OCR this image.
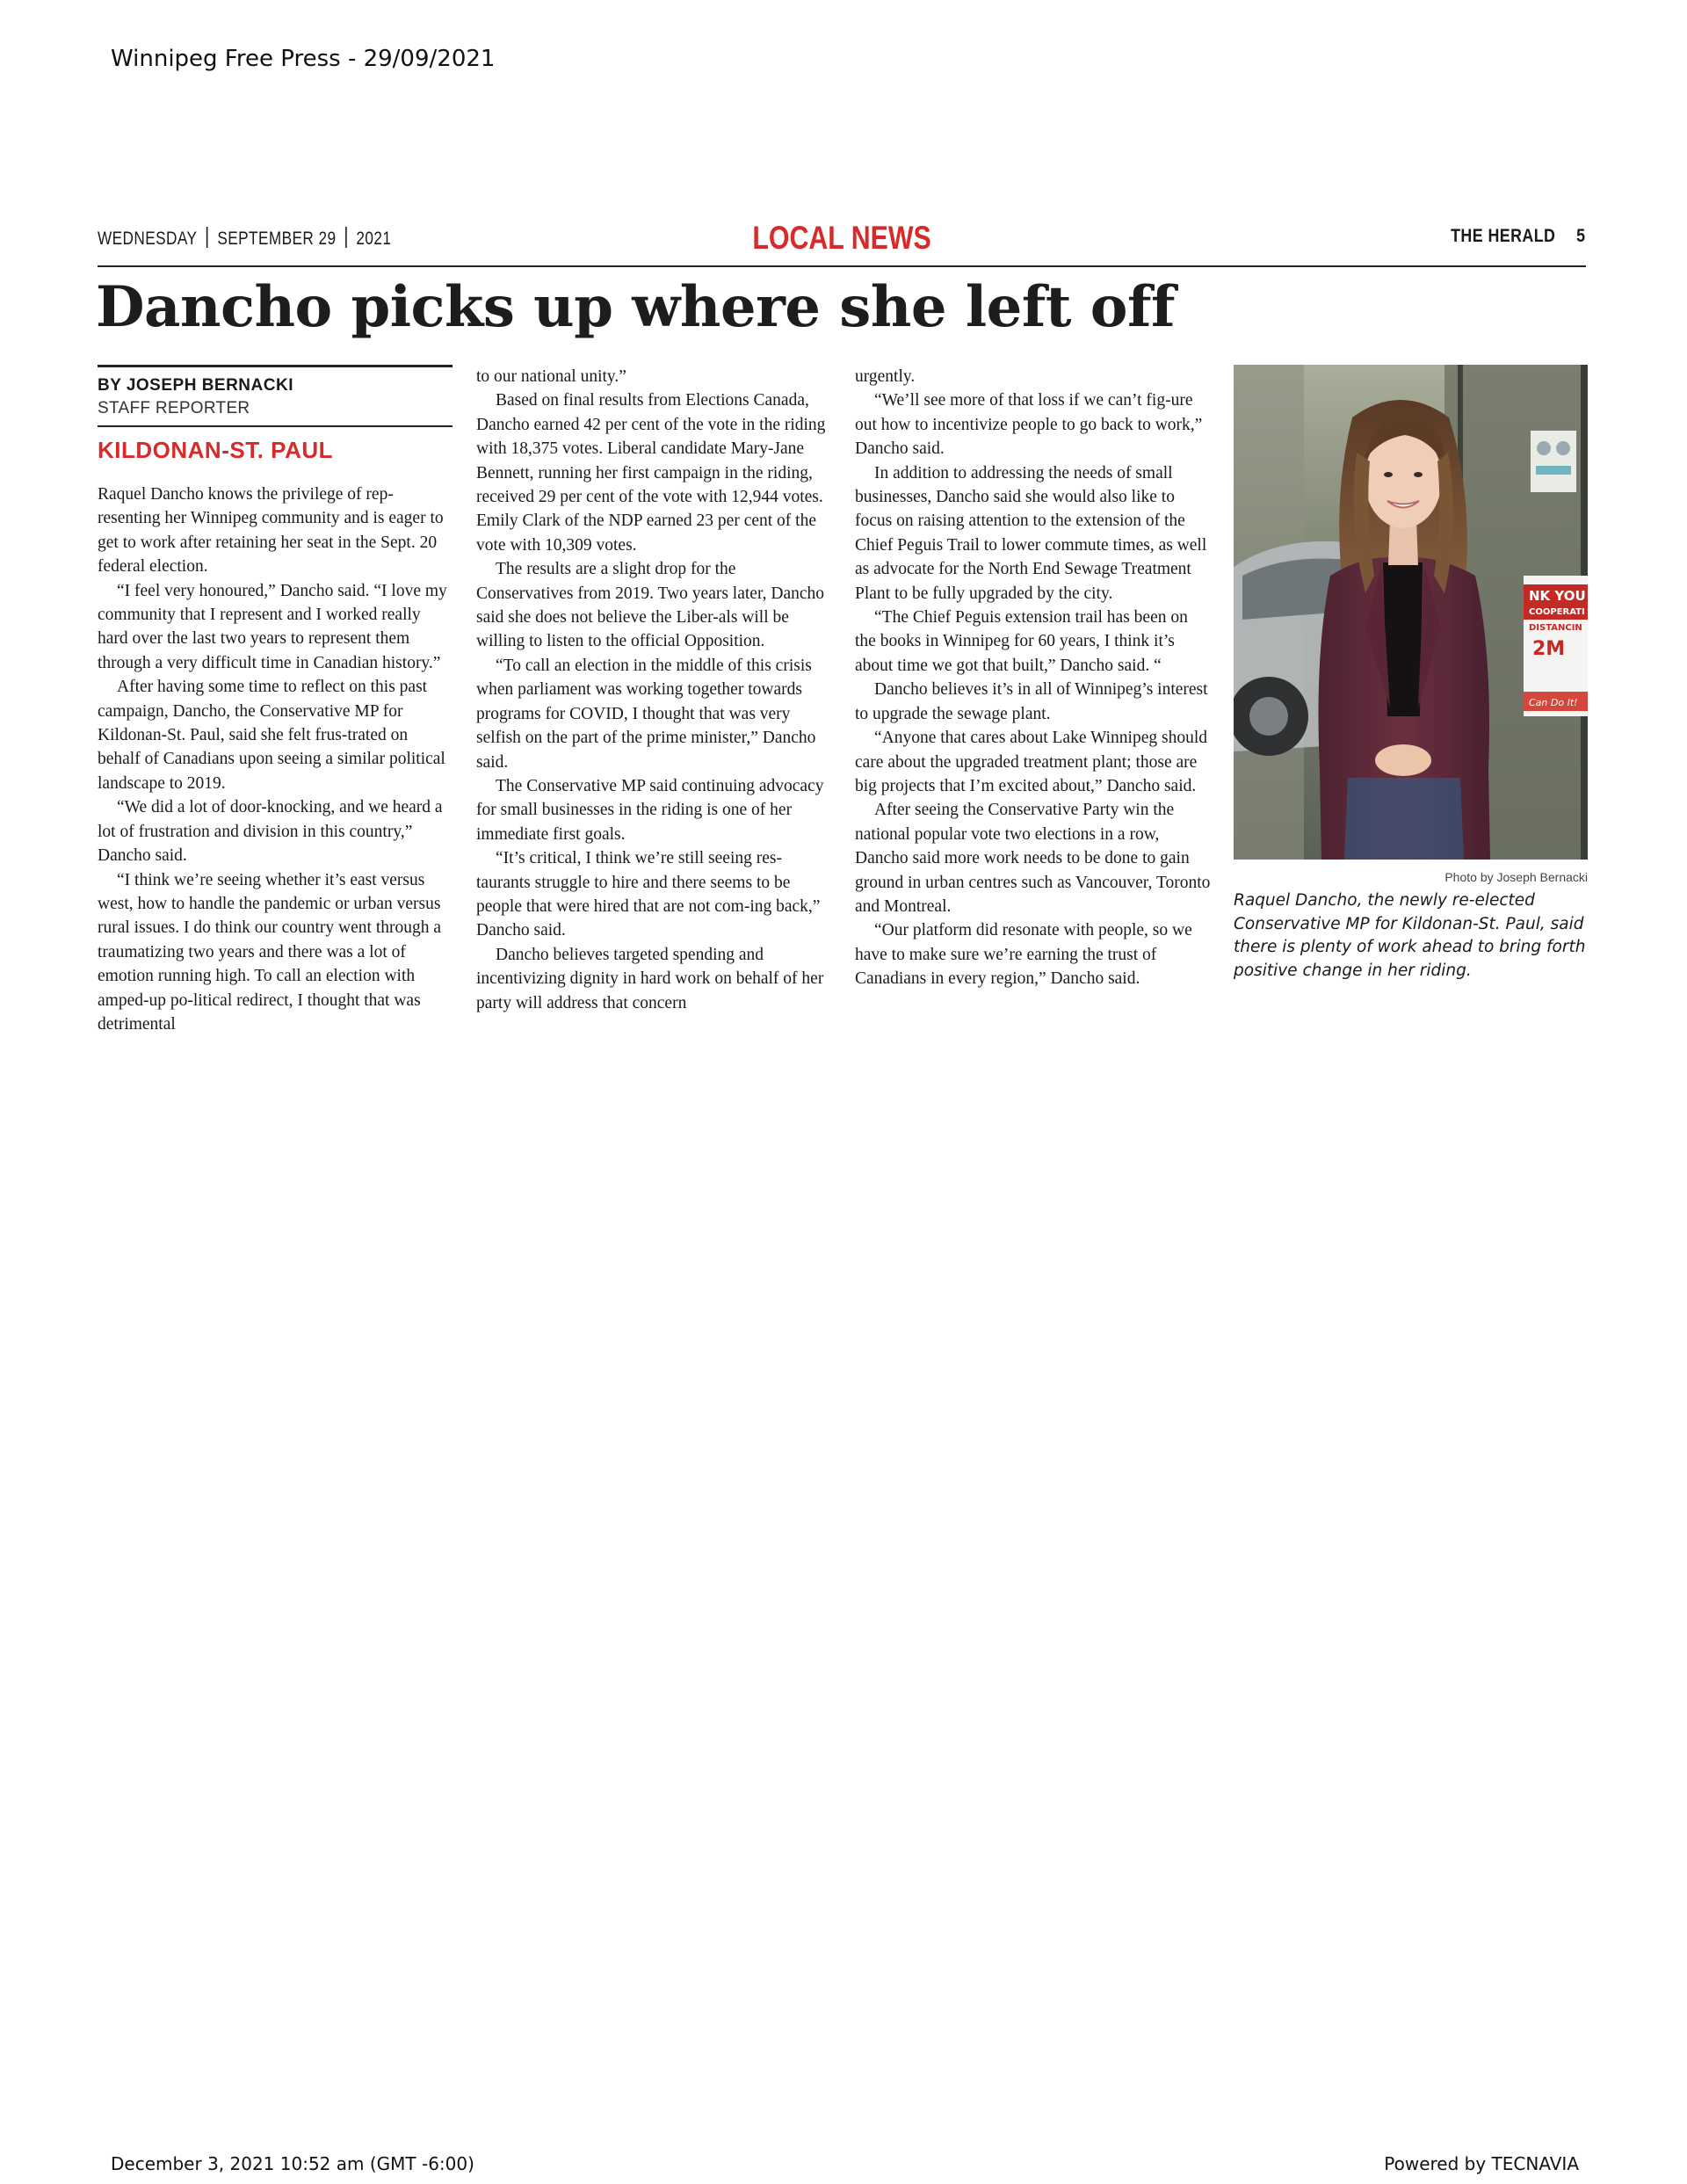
Winnipeg Free Press - 29/09/2021
WEDNESDAY SEPTEMBER 29 2021	LOCAL NEWS	THE HERALD 5
Dancho picks up where she left off
BY JOSEPH BERNACKI
STAFF REPORTER
KILDONAN-ST. PAUL

Raquel Dancho knows the privilege of rep-resenting her Winnipeg community and is eager to get to work after retaining her seat in the Sept. 20 federal election.

“I feel very honoured,” Dancho said. “I love my community that I represent and I worked really hard over the last two years to represent them through a very difficult time in Canadian history.”

After having some time to reflect on this past campaign, Dancho, the Conservative MP for Kildonan-St. Paul, said she felt frus-trated on behalf of Canadians upon seeing a similar political landscape to 2019.

“We did a lot of door-knocking, and we heard a lot of frustration and division in this country,” Dancho said.

“I think we’re seeing whether it’s east versus west, how to handle the pandemic or urban versus rural issues. I do think our country went through a traumatizing two years and there was a lot of emotion running high. To call an election with amped-up po-litical redirect, I thought that was detrimental

to our national unity.”

Based on final results from Elections Canada, Dancho earned 42 per cent of the vote in the riding with 18,375 votes. Liberal candidate Mary-Jane Bennett, running her first campaign in the riding, received 29 per cent of the vote with 12,944 votes. Emily Clark of the NDP earned 23 per cent of the vote with 10,309 votes.

The results are a slight drop for the Conservatives from 2019. Two years later, Dancho said she does not believe the Liber-als will be willing to listen to the official Opposition.

“To call an election in the middle of this crisis when parliament was working together towards programs for COVID, I thought that was very selfish on the part of the prime minister,” Dancho said.

The Conservative MP said continuing advocacy for small businesses in the riding is one of her immediate first goals.

“It’s critical, I think we’re still seeing res-taurants struggle to hire and there seems to be people that were hired that are not com-ing back,” Dancho said.

Dancho believes targeted spending and incentivizing dignity in hard work on behalf of her party will address that concern

urgently.

“We’ll see more of that loss if we can’t fig-ure out how to incentivize people to go back to work,” Dancho said.

In addition to addressing the needs of small businesses, Dancho said she would also like to focus on raising attention to the extension of the Chief Peguis Trail to lower commute times, as well as advocate for the North End Sewage Treatment Plant to be fully upgraded by the city.

“The Chief Peguis extension trail has been on the books in Winnipeg for 60 years, I think it’s about time we got that built,” Dancho said. “

Dancho believes it’s in all of Winnipeg’s interest to upgrade the sewage plant.

“Anyone that cares about Lake Winnipeg should care about the upgraded treatment plant; those are big projects that I’m excited about,” Dancho said.

After seeing the Conservative Party win the national popular vote two elections in a row, Dancho said more work needs to be done to gain ground in urban centres such as Vancouver, Toronto and Montreal.

“Our platform did resonate with people, so we have to make sure we’re earning the trust of Canadians in every region,” Dancho said.

NK YOU
COOPERATI
DISTANCIN
2M
Can Do It!
Photo by Joseph Bernacki

Raquel Dancho, the newly re-elected Conservative MP for Kildonan-St. Paul, said there is plenty of work ahead to bring forth positive change in her riding.

December 3, 2021 10:52 am (GMT -6:00)	Powered by TECNAVIA
